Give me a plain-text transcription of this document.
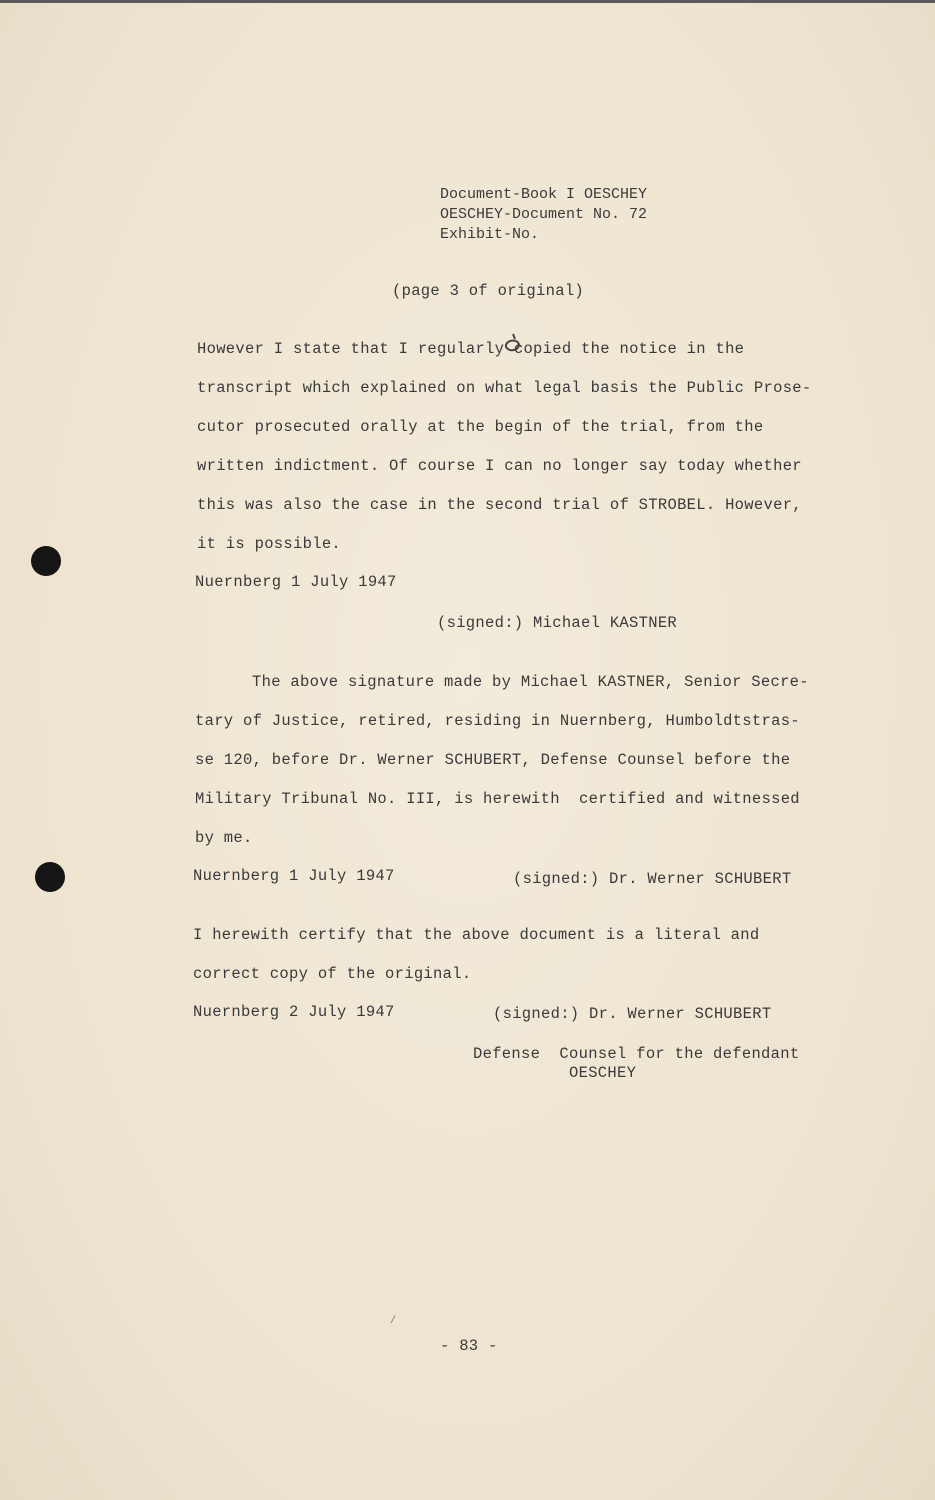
Document-Book I OESCHEY
OESCHEY-Document No. 72
Exhibit-No.
(page 3 of original)
However I state that I regularly copied the notice in the
transcript which explained on what legal basis the Public Prose-
cutor prosecuted orally at the begin of the trial, from the
written indictment. Of course I can no longer say today whether
this was also the case in the second trial of STROBEL. However,
it is possible.
Nuernberg 1 July 1947
(signed:) Michael KASTNER
The above signature made by Michael KASTNER, Senior Secre-
tary of Justice, retired, residing in Nuernberg, Humboldtstras-
se 120, before Dr. Werner SCHUBERT, Defense Counsel before the
Military Tribunal No. III, is herewith  certified and witnessed
by me.
Nuernberg 1 July 1947	(signed:) Dr. Werner SCHUBERT
I herewith certify that the above document is a literal and
correct copy of the original.
Nuernberg 2 July 1947	(signed:) Dr. Werner SCHUBERT
Defense  Counsel for the defendant
OESCHEY
/
- 83 -
